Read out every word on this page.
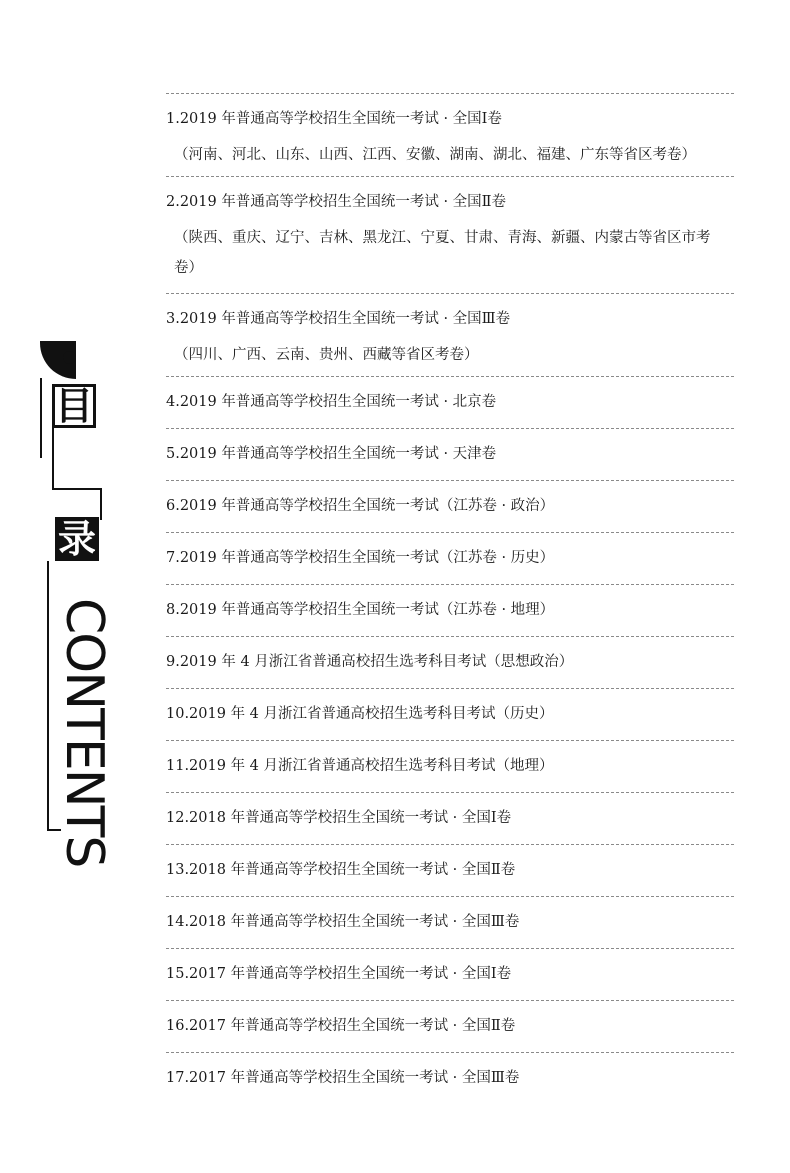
目
录
CONTENTS
1.2019 年普通高等学校招生全国统一考试 · 全国Ⅰ卷
（河南、河北、山东、山西、江西、安徽、湖南、湖北、福建、广东等省区考卷）
2.2019 年普通高等学校招生全国统一考试 · 全国Ⅱ卷
（陕西、重庆、辽宁、吉林、黑龙江、宁夏、甘肃、青海、新疆、内蒙古等省区市考卷）
3.2019 年普通高等学校招生全国统一考试 · 全国Ⅲ卷
（四川、广西、云南、贵州、西藏等省区考卷）
4.2019 年普通高等学校招生全国统一考试 · 北京卷
5.2019 年普通高等学校招生全国统一考试 · 天津卷
6.2019 年普通高等学校招生全国统一考试（江苏卷 · 政治）
7.2019 年普通高等学校招生全国统一考试（江苏卷 · 历史）
8.2019 年普通高等学校招生全国统一考试（江苏卷 · 地理）
9.2019 年 4 月浙江省普通高校招生选考科目考试（思想政治）
10.2019 年 4 月浙江省普通高校招生选考科目考试（历史）
11.2019 年 4 月浙江省普通高校招生选考科目考试（地理）
12.2018 年普通高等学校招生全国统一考试 · 全国Ⅰ卷
13.2018 年普通高等学校招生全国统一考试 · 全国Ⅱ卷
14.2018 年普通高等学校招生全国统一考试 · 全国Ⅲ卷
15.2017 年普通高等学校招生全国统一考试 · 全国Ⅰ卷
16.2017 年普通高等学校招生全国统一考试 · 全国Ⅱ卷
17.2017 年普通高等学校招生全国统一考试 · 全国Ⅲ卷
